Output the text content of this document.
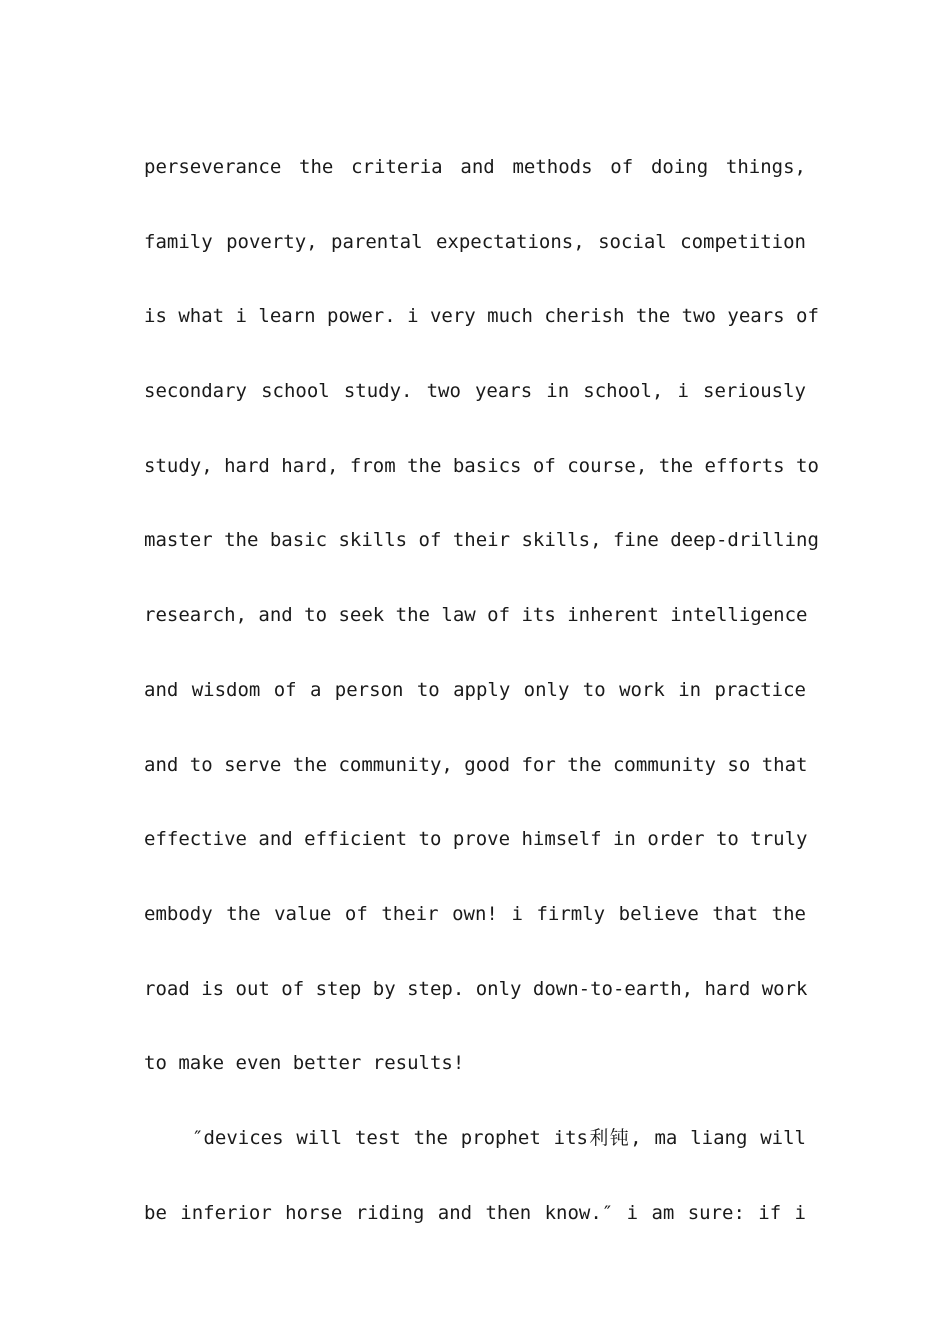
perseverance the criteria and methods of doing things,
family poverty, parental expectations, social competition
is what i learn power. i very much cherish the two years of
secondary school study. two years in school, i seriously
study, hard hard, from the basics of course, the efforts to
master the basic skills of their skills, fine deep-drilling
research, and to seek the law of its inherent intelligence
and wisdom of a person to apply only to work in practice
and to serve the community, good for the community so that
effective and efficient to prove himself in order to truly
embody the value of their own! i firmly believe that the
road is out of step by step. only down-to-earth, hard work
to make even better results!
″devices will test the prophet its利钝, ma liang will
be inferior horse riding and then know.″ i am sure: if i
